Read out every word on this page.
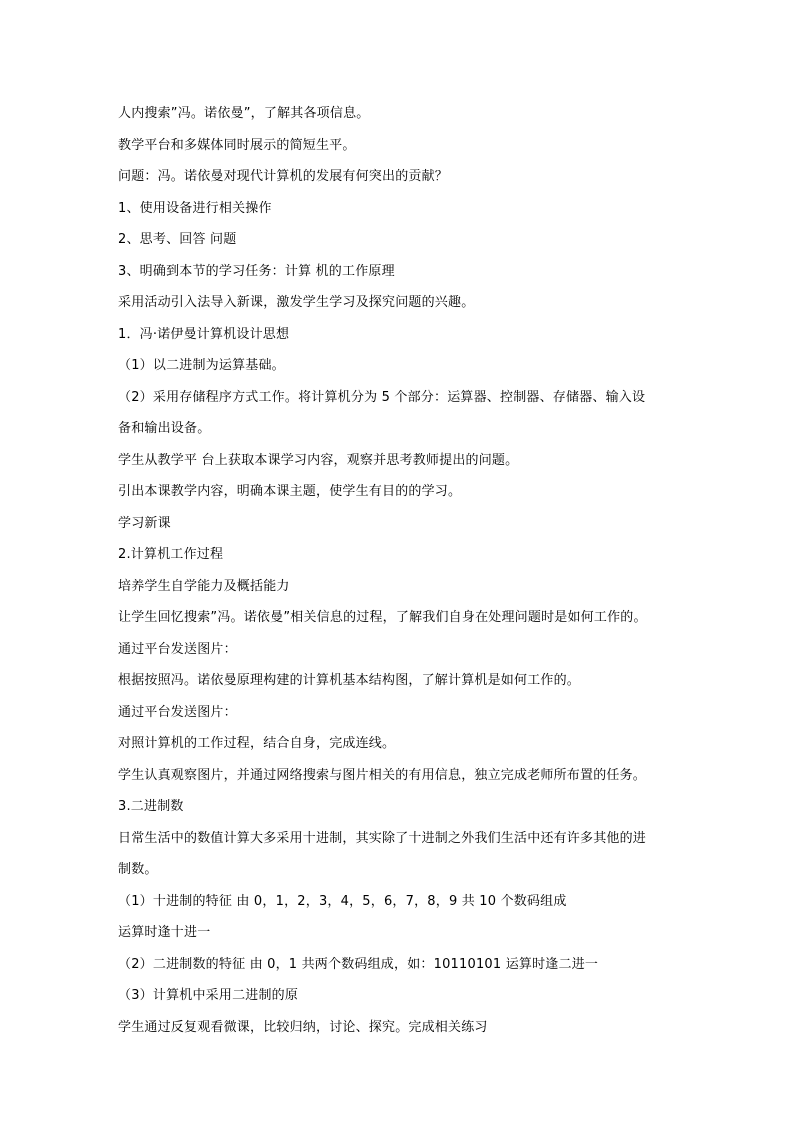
人内搜索”冯。诺依曼”，了解其各项信息。
教学平台和多媒体同时展示的简短生平。
问题：冯。诺依曼对现代计算机的发展有何突出的贡献？
1、使用设备进行相关操作
2、思考、回答 问题
3、明确到本节的学习任务：计算 机的工作原理
采用活动引入法导入新课，激发学生学习及探究问题的兴趣。
1．冯·诺伊曼计算机设计思想
（1）以二进制为运算基础。
（2）采用存储程序方式工作。将计算机分为 5 个部分：运算器、控制器、存储器、输入设
备和输出设备。
学生从教学平 台上获取本课学习内容，观察并思考教师提出的问题。
引出本课教学内容，明确本课主题，使学生有目的的学习。
学习新课
2.计算机工作过程
培养学生自学能力及概括能力
让学生回忆搜索”冯。诺依曼”相关信息的过程，了解我们自身在处理问题时是如何工作的。
通过平台发送图片：
根据按照冯。诺依曼原理构建的计算机基本结构图，了解计算机是如何工作的。
通过平台发送图片：
对照计算机的工作过程，结合自身，完成连线。
学生认真观察图片，并通过网络搜索与图片相关的有用信息，独立完成老师所布置的任务。
3.二进制数
日常生活中的数值计算大多采用十进制，其实除了十进制之外我们生活中还有许多其他的进
制数。
（1）十进制的特征 由 0，1，2，3，4，5，6，7，8，9 共 10 个数码组成
运算时逢十进一
（2）二进制数的特征 由 0，1 共两个数码组成，如：10110101 运算时逢二进一
（3）计算机中采用二进制的原
学生通过反复观看微课，比较归纳，讨论、探究。完成相关练习
